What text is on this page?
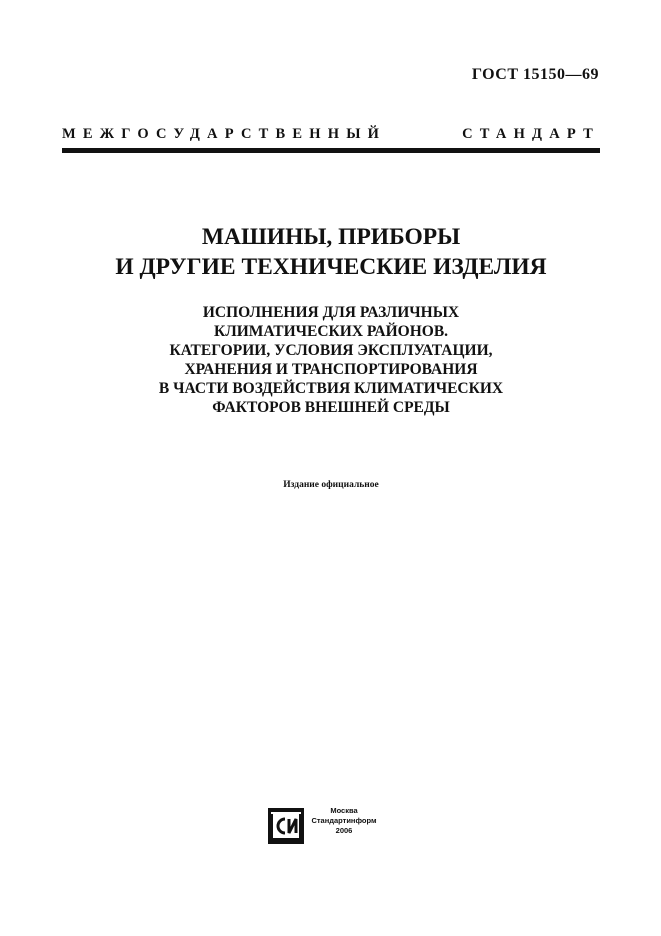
ГОСТ 15150—69
МЕЖГОСУДАРСТВЕННЫЙ СТАНДАРТ
МАШИНЫ, ПРИБОРЫ
И ДРУГИЕ ТЕХНИЧЕСКИЕ ИЗДЕЛИЯ
ИСПОЛНЕНИЯ ДЛЯ РАЗЛИЧНЫХ
КЛИМАТИЧЕСКИХ РАЙОНОВ.
КАТЕГОРИИ, УСЛОВИЯ ЭКСПЛУАТАЦИИ,
ХРАНЕНИЯ И ТРАНСПОРТИРОВАНИЯ
В ЧАСТИ ВОЗДЕЙСТВИЯ КЛИМАТИЧЕСКИХ
ФАКТОРОВ ВНЕШНЕЙ СРЕДЫ
Издание официальное
Москва
Стандартинформ
2006
